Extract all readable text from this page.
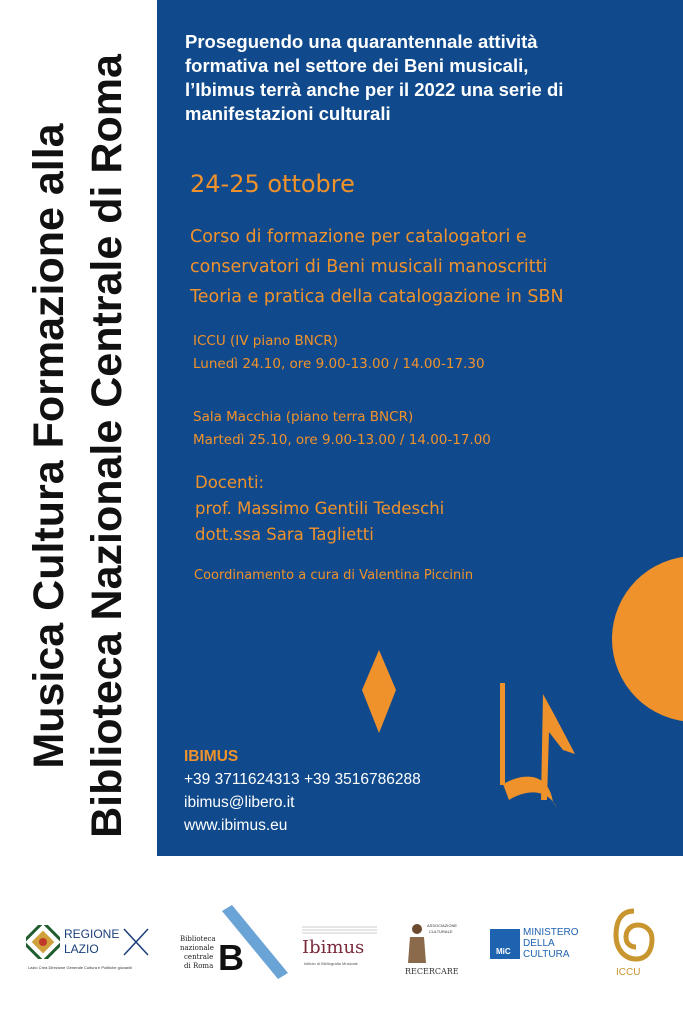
Musica Cultura Formazione alla Biblioteca Nazionale Centrale di Roma
Proseguendo una quarantennale attività
formativa nel settore dei Beni musicali,
l’Ibimus terrà anche per il 2022 una serie di
manifestazioni culturali
24-25 ottobre
Corso di formazione per catalogatori e
conservatori di Beni musicali manoscritti
Teoria e pratica della catalogazione in SBN
ICCU (IV piano BNCR)
Lunedì 24.10, ore 9.00-13.00 / 14.00-17.30
Sala Macchia (piano terra BNCR)
Martedì 25.10, ore 9.00-13.00 / 14.00-17.00
Docenti:
prof. Massimo Gentili Tedeschi
dott.ssa Sara Taglietti
Coordinamento a cura di Valentina Piccinin
IBIMUS
+39 3711624313 +39 3516786288
ibimus@libero.it
www.ibimus.eu
REGIONE
LAZIO
Lazio Crea Direzione Generale Cultura e Politiche giovanili
Biblioteca
nazionale
centrale
di Roma B	Ibimus
Istituto di Bibliografia Musicale
ASSOCIAZIONE
CULTURALE
RECERCARE
MiC
MINISTERO
DELLA
CULTURA
ICCU
